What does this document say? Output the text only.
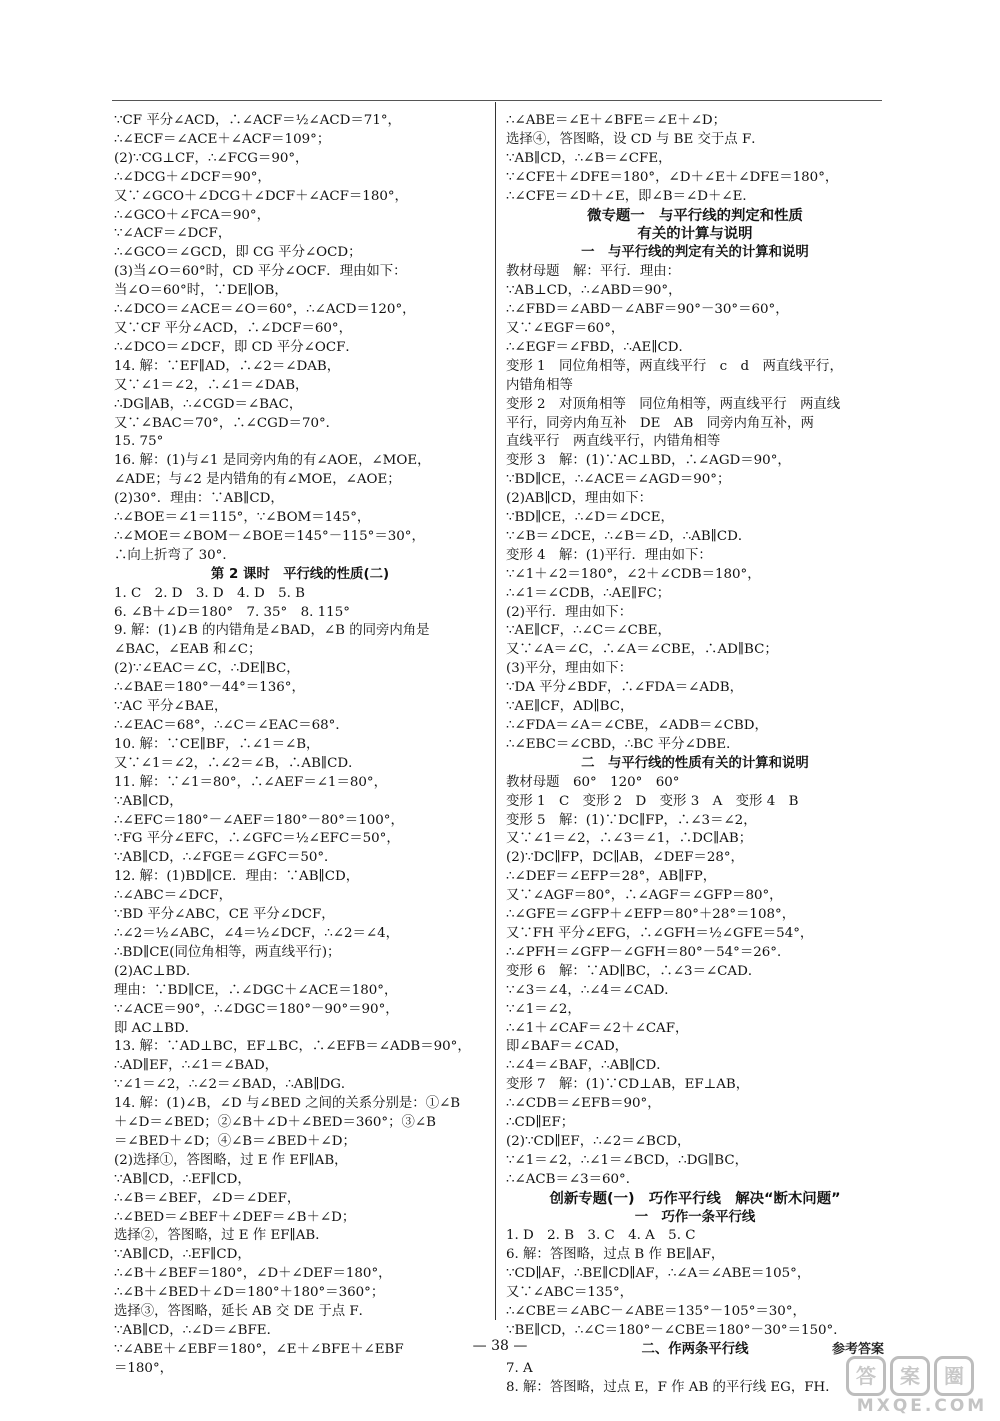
∵CF 平分∠ACD，∴∠ACF＝½∠ACD＝71°，
∴∠ECF＝∠ACE＋∠ACF＝109°；
(2)∵CG⊥CF，∴∠FCG＝90°，
∴∠DCG＋∠DCF＝90°，
又∵∠GCO＋∠DCG＋∠DCF＋∠ACF＝180°，
∴∠GCO＋∠FCA＝90°，
∵∠ACF＝∠DCF，
∴∠GCO＝∠GCD，即 CG 平分∠OCD；
(3)当∠O＝60°时，CD 平分∠OCF．理由如下：
当∠O＝60°时，∵DE∥OB，
∴∠DCO＝∠ACE＝∠O＝60°，∴∠ACD＝120°，
又∵CF 平分∠ACD，∴∠DCF＝60°，
∴∠DCO＝∠DCF，即 CD 平分∠OCF．
14. 解：∵EF∥AD，∴∠2＝∠DAB，
又∵∠1＝∠2，∴∠1＝∠DAB，
∴DG∥AB，∴∠CGD＝∠BAC，
又∵∠BAC＝70°，∴∠CGD＝70°．
15. 75°
16. 解：(1)与∠1 是同旁内角的有∠AOE，∠MOE，
∠ADE；与∠2 是内错角的有∠MOE，∠AOE；
(2)30°．理由：∵AB∥CD，
∴∠BOE＝∠1＝115°，∵∠BOM＝145°，
∴∠MOE＝∠BOM－∠BOE＝145°－115°＝30°，
∴向上折弯了 30°．
第 2 课时　平行线的性质(二)
1. C　2. D　3. D　4. D　5. B
6. ∠B＋∠D＝180°　7. 35°　8. 115°
9. 解：(1)∠B 的内错角是∠BAD，∠B 的同旁内角是
∠BAC，∠EAB 和∠C；
(2)∵∠EAC＝∠C，∴DE∥BC，
∴∠BAE＝180°－44°＝136°，
∵AC 平分∠BAE，
∴∠EAC＝68°，∴∠C＝∠EAC＝68°．
10. 解：∵CE∥BF，∴∠1＝∠B，
又∵∠1＝∠2，∴∠2＝∠B，∴AB∥CD．
11. 解：∵∠1＝80°，∴∠AEF＝∠1＝80°，
∵AB∥CD，
∴∠EFC＝180°－∠AEF＝180°－80°＝100°，
∵FG 平分∠EFC，∴∠GFC＝½∠EFC＝50°，
∵AB∥CD，∴∠FGE＝∠GFC＝50°．
12. 解：(1)BD∥CE．理由：∵AB∥CD，
∴∠ABC＝∠DCF，
∵BD 平分∠ABC，CE 平分∠DCF，
∴∠2＝½∠ABC，∠4＝½∠DCF，∴∠2＝∠4，
∴BD∥CE(同位角相等，两直线平行)；
(2)AC⊥BD．
理由：∵BD∥CE，∴∠DGC＋∠ACE＝180°，
∵∠ACE＝90°，∴∠DGC＝180°－90°＝90°，
即 AC⊥BD．
13. 解：∵AD⊥BC，EF⊥BC，∴∠EFB＝∠ADB＝90°，
∴AD∥EF，∴∠1＝∠BAD，
∵∠1＝∠2，∴∠2＝∠BAD，∴AB∥DG．
14. 解：(1)∠B，∠D 与∠BED 之间的关系分别是：①∠B
＋∠D＝∠BED；②∠B＋∠D＋∠BED＝360°；③∠B
＝∠BED＋∠D；④∠B＝∠BED＋∠D；
(2)选择①，答图略，过 E 作 EF∥AB，
∵AB∥CD，∴EF∥CD，
∴∠B＝∠BEF，∠D＝∠DEF，
∴∠BED＝∠BEF＋∠DEF＝∠B＋∠D；
选择②，答图略，过 E 作 EF∥AB．
∵AB∥CD，∴EF∥CD，
∴∠B＋∠BEF＝180°，∠D＋∠DEF＝180°，
∴∠B＋∠BED＋∠D＝180°＋180°＝360°；
选择③，答图略，延长 AB 交 DE 于点 F．
∵AB∥CD，∴∠D＝∠BFE．
∵∠ABE＋∠EBF＝180°，∠E＋∠BFE＋∠EBF
＝180°，
∴∠ABE＝∠E＋∠BFE＝∠E＋∠D；
选择④，答图略，设 CD 与 BE 交于点 F．
∵AB∥CD，∴∠B＝∠CFE，
∵∠CFE＋∠DFE＝180°，∠D＋∠E＋∠DFE＝180°，
∴∠CFE＝∠D＋∠E，即∠B＝∠D＋∠E．
微专题一　与平行线的判定和性质
有关的计算与说明
一　与平行线的判定有关的计算和说明
教材母题　解：平行．理由：
∵AB⊥CD，∴∠ABD＝90°，
∴∠FBD＝∠ABD－∠ABF＝90°－30°＝60°，
又∵∠EGF＝60°，
∴∠EGF＝∠FBD，∴AE∥CD．
变形 1　同位角相等，两直线平行　c　d　两直线平行，
内错角相等
变形 2　对顶角相等　同位角相等，两直线平行　两直线
平行，同旁内角互补　DE　AB　同旁内角互补，两
直线平行　两直线平行，内错角相等
变形 3　解：(1)∵AC⊥BD，∴∠AGD＝90°，
∵BD∥CE，∴∠ACE＝∠AGD＝90°；
(2)AB∥CD，理由如下：
∵BD∥CE，∴∠D＝∠DCE，
∵∠B＝∠DCE，∴∠B＝∠D，∴AB∥CD．
变形 4　解：(1)平行．理由如下：
∵∠1＋∠2＝180°，∠2＋∠CDB＝180°，
∴∠1＝∠CDB，∴AE∥FC；
(2)平行．理由如下：
∵AE∥CF，∴∠C＝∠CBE，
又∵∠A＝∠C，∴∠A＝∠CBE，∴AD∥BC；
(3)平分，理由如下：
∵DA 平分∠BDF，∴∠FDA＝∠ADB，
∵AE∥CF，AD∥BC，
∴∠FDA＝∠A＝∠CBE，∠ADB＝∠CBD，
∴∠EBC＝∠CBD，∴BC 平分∠DBE．
二　与平行线的性质有关的计算和说明
教材母题　60°　120°　60°
变形 1　C　变形 2　D　变形 3　A　变形 4　B
变形 5　解：(1)∵DC∥FP，∴∠3＝∠2，
又∵∠1＝∠2，∴∠3＝∠1，∴DC∥AB；
(2)∵DC∥FP，DC∥AB，∠DEF＝28°，
∴∠DEF＝∠EFP＝28°，AB∥FP，
又∵∠AGF＝80°，∴∠AGF＝∠GFP＝80°，
∴∠GFE＝∠GFP＋∠EFP＝80°＋28°＝108°，
又∵FH 平分∠EFG，∴∠GFH＝½∠GFE＝54°，
∴∠PFH＝∠GFP－∠GFH＝80°－54°＝26°．
变形 6　解：∵AD∥BC，∴∠3＝∠CAD．
∵∠3＝∠4，∴∠4＝∠CAD．
∵∠1＝∠2，
∴∠1＋∠CAF＝∠2＋∠CAF，
即∠BAF＝∠CAD，
∴∠4＝∠BAF，∴AB∥CD．
变形 7　解：(1)∵CD⊥AB，EF⊥AB，
∴∠CDB＝∠EFB＝90°，
∴CD∥EF；
(2)∵CD∥EF，∴∠2＝∠BCD，
∵∠1＝∠2，∴∠1＝∠BCD，∴DG∥BC，
∴∠ACB＝∠3＝60°．
创新专题(一)　巧作平行线　解决“断木问题”
一　巧作一条平行线
1. D　2. B　3. C　4. A　5. C
6. 解：答图略，过点 B 作 BE∥AF，
∵CD∥AF，∴BE∥CD∥AF，∴∠A＝∠ABE＝105°，
又∵∠ABC＝135°，
∴∠CBE＝∠ABC－∠ABE＝135°－105°＝30°，
∵BE∥CD，∴∠C＝180°－∠CBE＝180°－30°＝150°．
二、作两条平行线
7. A
8. 解：答图略，过点 E，F 作 AB 的平行线 EG，FH．
— 38 —	参考答案
答	案	圈
MXQE.COM
